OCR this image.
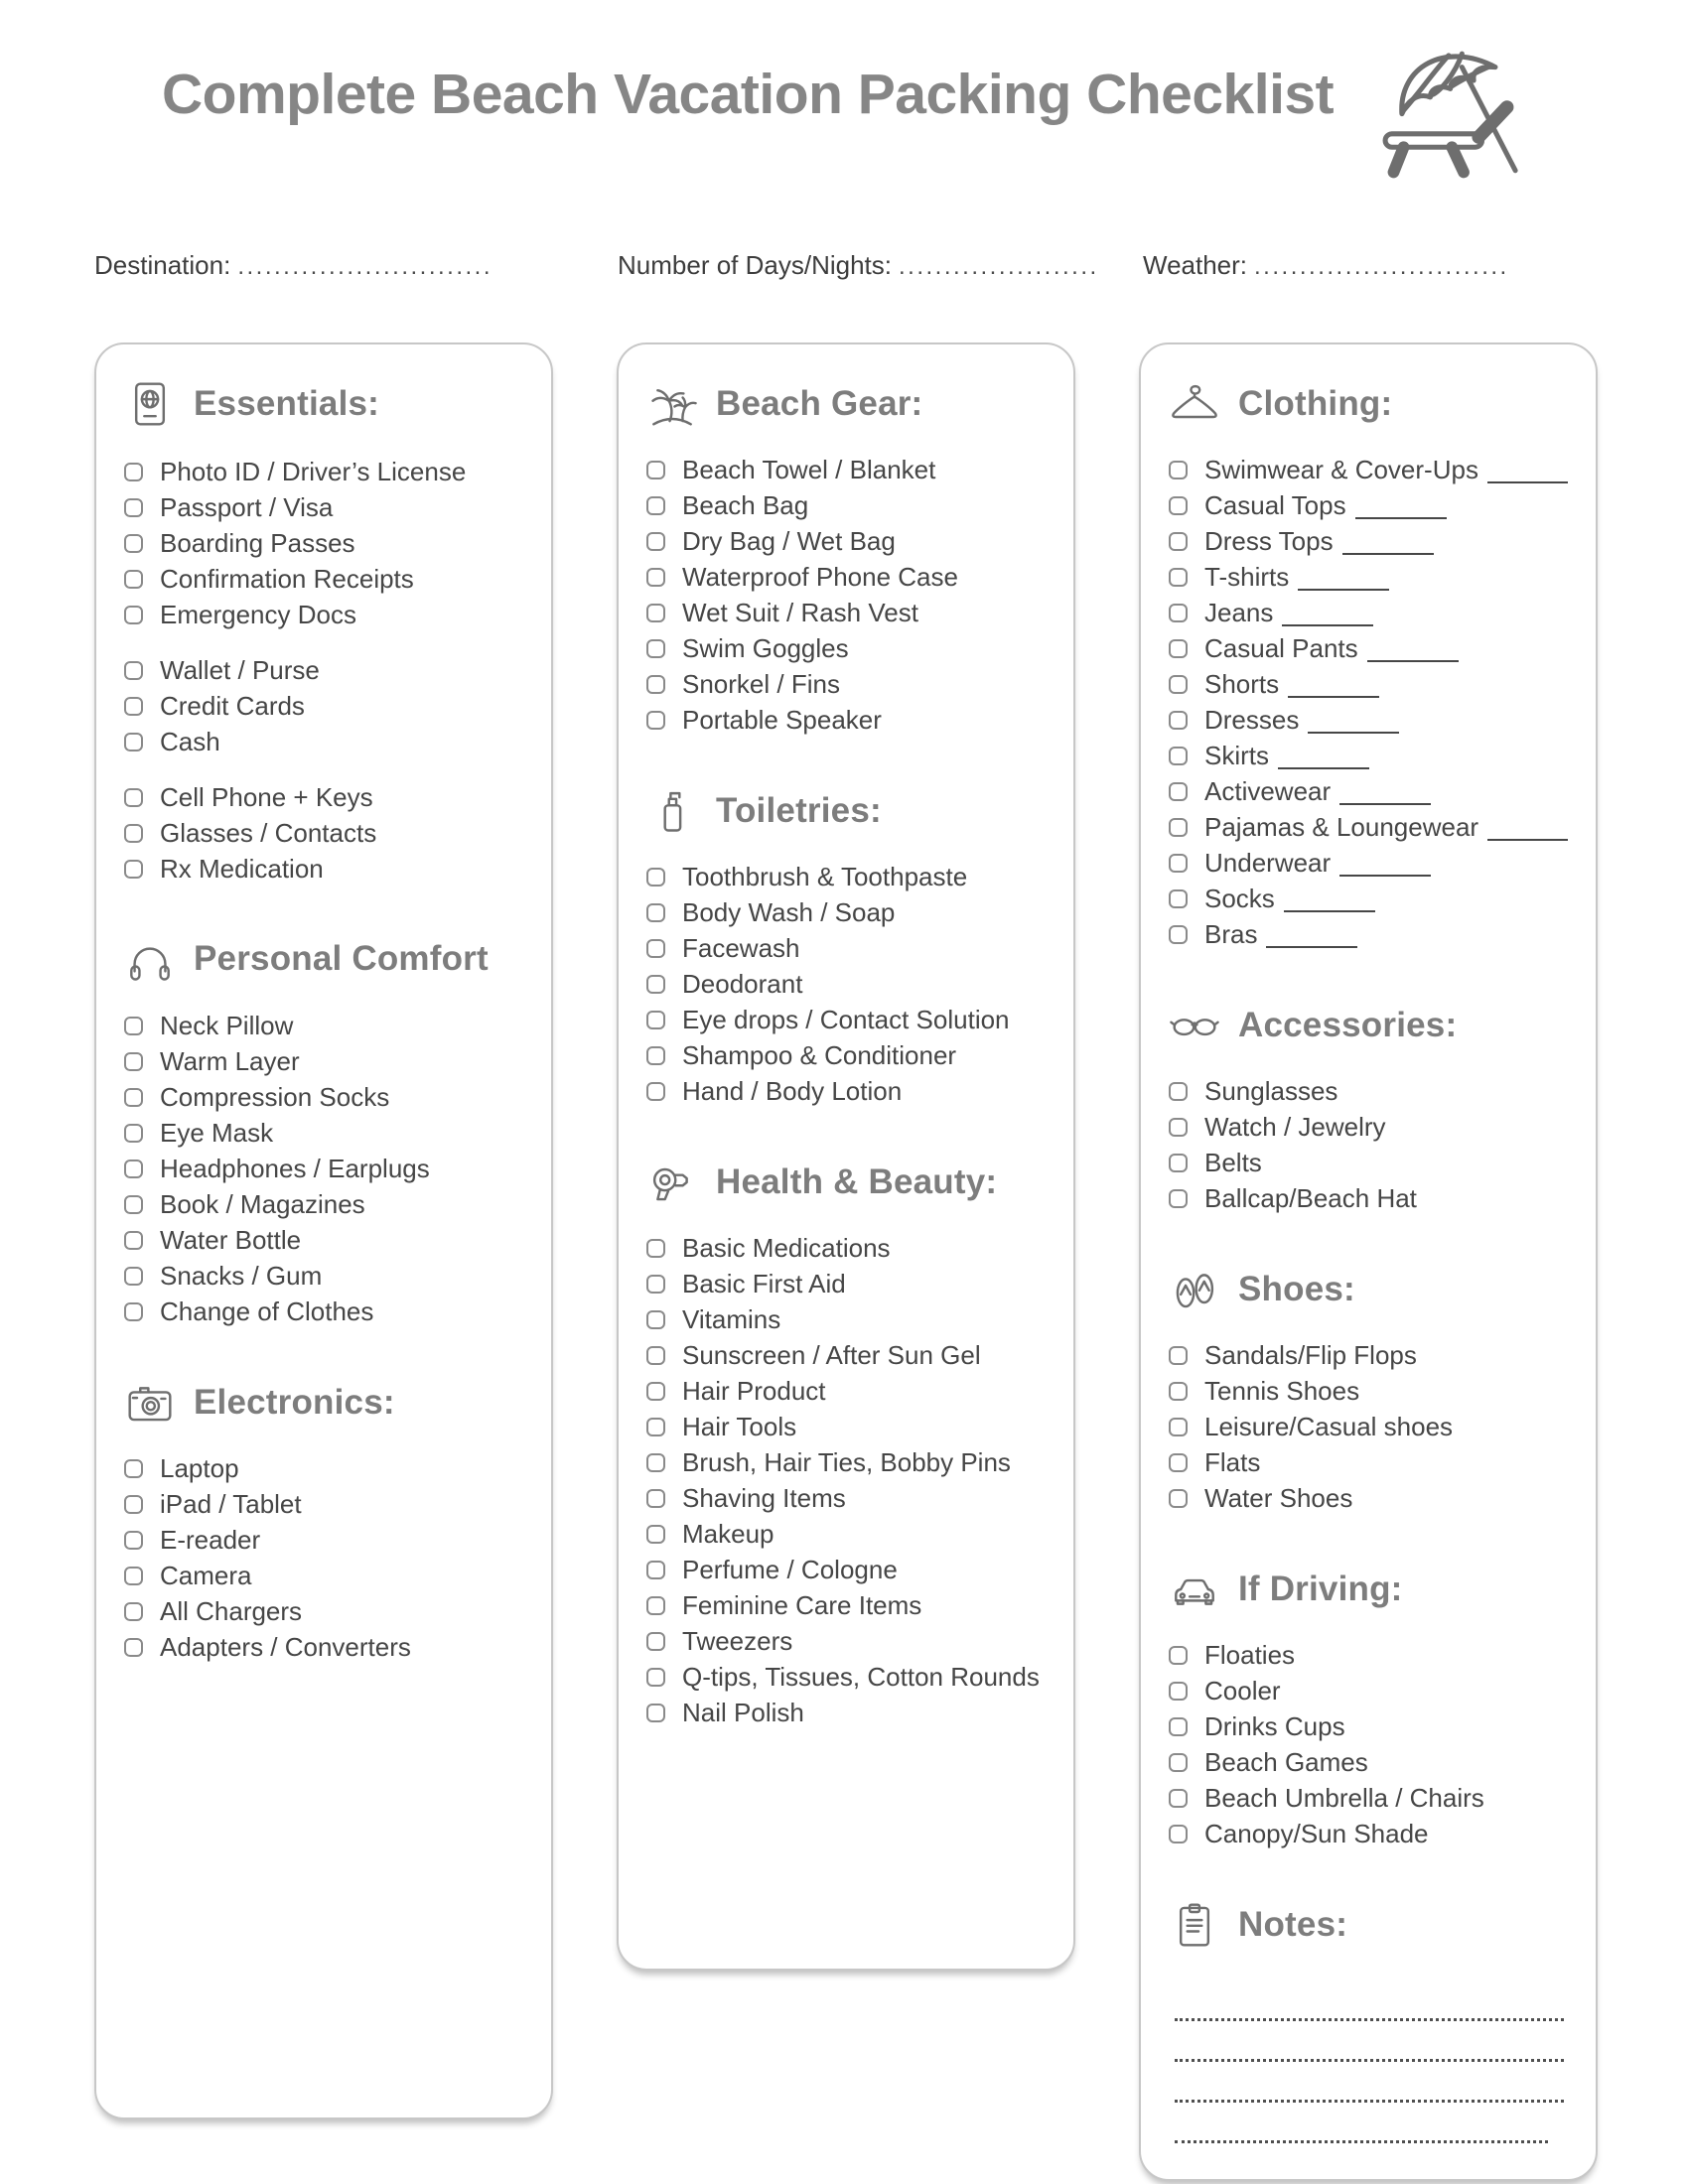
Complete Beach Vacation Packing Checklist
Destination: ............................	Number of Days/Nights: ...................... Weather: ............................
Essentials:
Photo ID / Driver’s License
Passport / Visa
Boarding Passes
Confirmation Receipts
Emergency Docs
Wallet / Purse
Credit Cards
Cash
Cell Phone + Keys
Glasses / Contacts
Rx Medication
Personal Comfort
Neck Pillow
Warm Layer
Compression Socks
Eye Mask
Headphones / Earplugs
Book / Magazines
Water Bottle
Snacks / Gum
Change of Clothes
Electronics:
Laptop
iPad / Tablet
E-reader
Camera
All Chargers
Adapters / Converters
Beach Gear:
Beach Towel / Blanket
Beach Bag
Dry Bag / Wet Bag
Waterproof Phone Case
Wet Suit / Rash Vest
Swim Goggles
Snorkel / Fins
Portable Speaker
Toiletries:
Toothbrush & Toothpaste
Body Wash / Soap
Facewash
Deodorant
Eye drops / Contact Solution
Shampoo & Conditioner
Hand / Body Lotion
Health & Beauty:
Basic Medications
Basic First Aid
Vitamins
Sunscreen / After Sun Gel
Hair Product
Hair Tools
Brush, Hair Ties, Bobby Pins
Shaving Items
Makeup
Perfume / Cologne
Feminine Care Items
Tweezers
Q-tips, Tissues, Cotton Rounds
Nail Polish
Clothing:
Swimwear & Cover-Ups
Casual Tops
Dress Tops
T-shirts
Jeans
Casual Pants
Shorts
Dresses
Skirts
Activewear
Pajamas & Loungewear
Underwear
Socks
Bras
Accessories:
Sunglasses
Watch / Jewelry
Belts
Ballcap/Beach Hat
Shoes:
Sandals/Flip Flops
Tennis Shoes
Leisure/Casual shoes
Flats
Water Shoes
If Driving:
Floaties
Cooler
Drinks Cups
Beach Games
Beach Umbrella / Chairs
Canopy/Sun Shade
Notes:
